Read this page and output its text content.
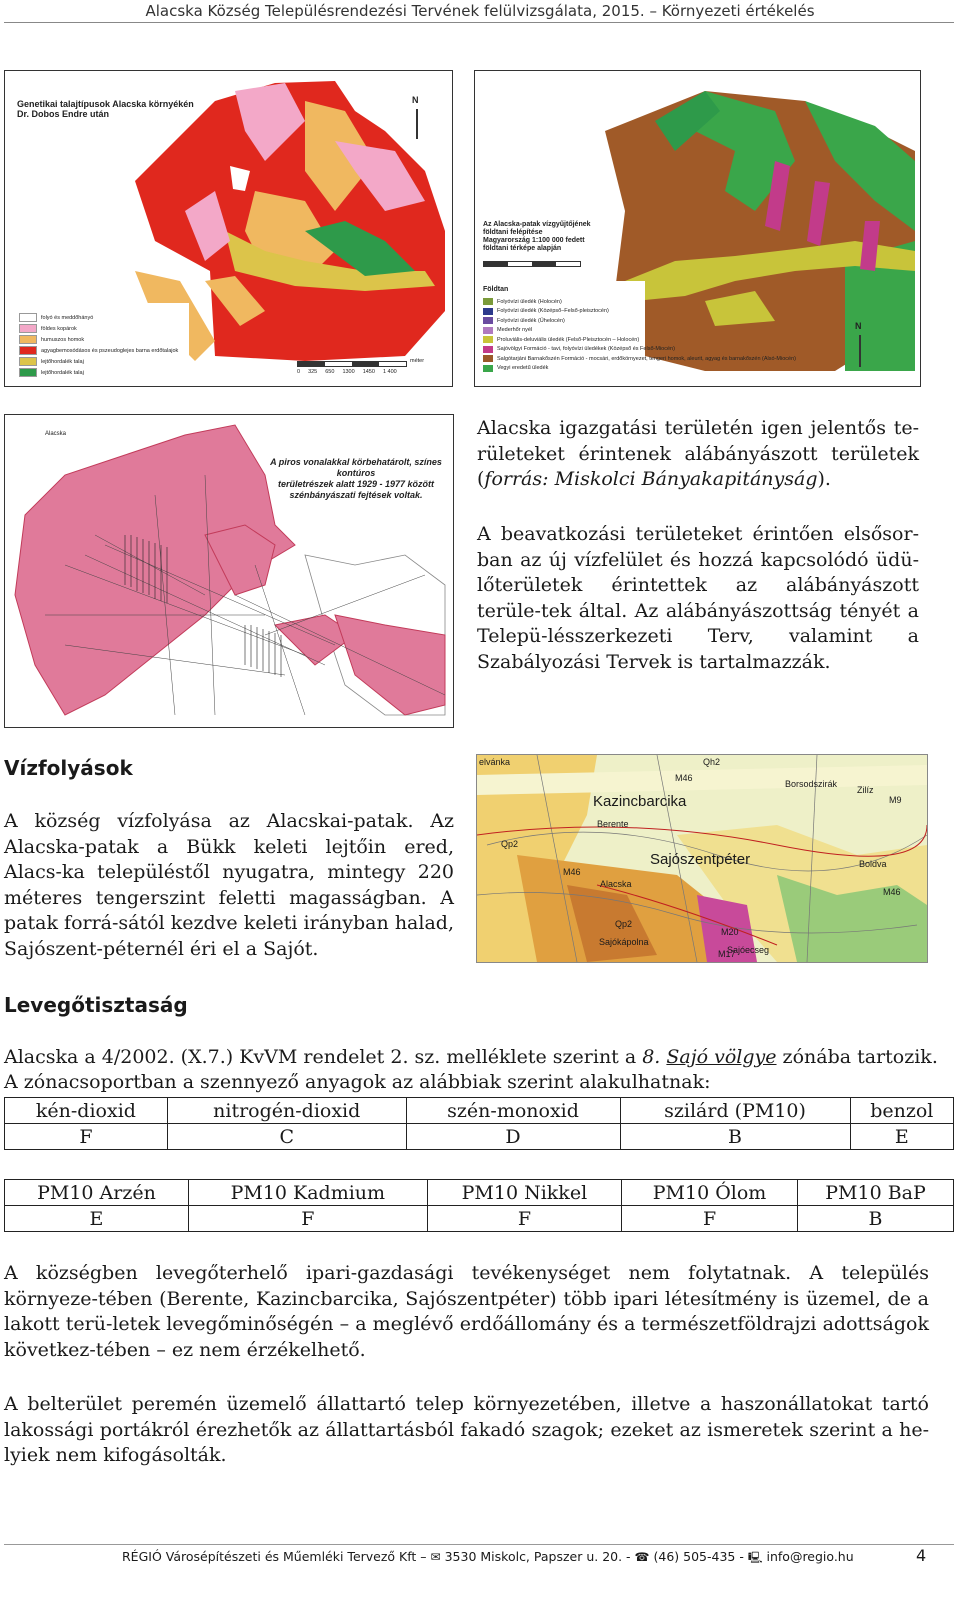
Alacska Község Településrendezési Tervének felülvizsgálata, 2015. – Környezeti értékelés
Genetikai talajtípusok Alacska környékén
Dr. Dobos Endre után
N
folyó és meddőhányó
földes kopárok
humuszos homok
agyagbemosódásos és pszeudoglejes barna erdőtalajok
lejtőhordalék talaj
lejtőhordalék talaj
méter
0 325 650 1300 1450 1 400
Az Alacska-patak vízgyűjtőjének
földtani felépítése
Magyarország 1:100 000 fedett
földtani térképe alapján
N
Földtan
Folyóvízi üledék (Holocén)
Folyóvízi üledék (Középső–Felső-pleisztocén)
Folyóvízi üledék (Ühelocén)
Mederhőr nyél
Proluviális-deluviális üledék (Felső-Pleisztocén – Holocén)
Sajóvölgyi Formáció - tavi, folyóvízi üledékek (Középső és Felső-Miocén)
Salgótarjáni Barnakőszén Formáció - mocsári, erdőkörnyezet, tengeri homok, aleurit, agyag és barnakőszén (Alsó-Miocén)
Vegyi eredetű üledék
Alacska
A piros vonalakkal körbehatárolt, színes kontúros
területrészek alatt 1929 - 1977 között
szénbányászati fejtések voltak.
Alacska igazgatási területén igen jelentős te-rületeket érintenek alábányászott területek (forrás: Miskolci Bányakapitányság).
A beavatkozási területeket érintően elsősor-ban az új vízfelület és hozzá kapcsolódó üdü-lőterületek érintettek az alábányászott terüle-tek által. Az alábányászottság tényét a Telepü-lésszerkezeti Terv, valamint a Szabályozási Tervek is tartalmazzák.
Vízfolyások
A község vízfolyása az Alacskai-patak. Az Alacska-patak a Bükk keleti lejtőin ered, Alacs-ka településtől nyugatra, mintegy 220 méteres tengerszint feletti magasságban. A patak forrá-sától kezdve keleti irányban halad, Sajószent-péternél éri el a Sajót.
Kazincbarcika
Sajószentpéter
Berente
Alacska
Sajókápolna
Sajóecseg
Borsodszirák
Boldva
Zilíz
M46
M46
M46
M20
M17
M9
Qp2
Qp2
Qh2
elvánka
Levegőtisztaság
Alacska a 4/2002. (X.7.) KvVM rendelet 2. sz. melléklete szerint a 8. Sajó völgye zónába tartozik.
A zónacsoportban a szennyező anyagok az alábbiak szerint alakulhatnak:
kén-dioxid	nitrogén-dioxid	szén-monoxid	szilárd (PM10)	benzol
F	C	D	B	E
PM10 Arzén	PM10 Kadmium	PM10 Nikkel	PM10 Ólom	PM10 BaP
E	F	F	F	B
A községben levegőterhelő ipari-gazdasági tevékenységet nem folytatnak. A település környeze-tében (Berente, Kazincbarcika, Sajószentpéter) több ipari létesítmény is üzemel, de a lakott terü-letek levegőminőségén – a meglévő erdőállomány és a természetföldrajzi adottságok következ-tében – ez nem érzékelhető.
A belterület peremén üzemelő állattartó telep környezetében, illetve a haszonállatokat tartó lakossági portákról érezhetők az állattartásból fakadó szagok; ezeket az ismeretek szerint a he-lyiek nem kifogásolták.
RÉGIÓ Városépítészeti és Műemléki Tervező Kft – ✉ 3530 Miskolc, Papszer u. 20. - ☎ (46) 505-435 - 🖳 info@regio.hu	4
